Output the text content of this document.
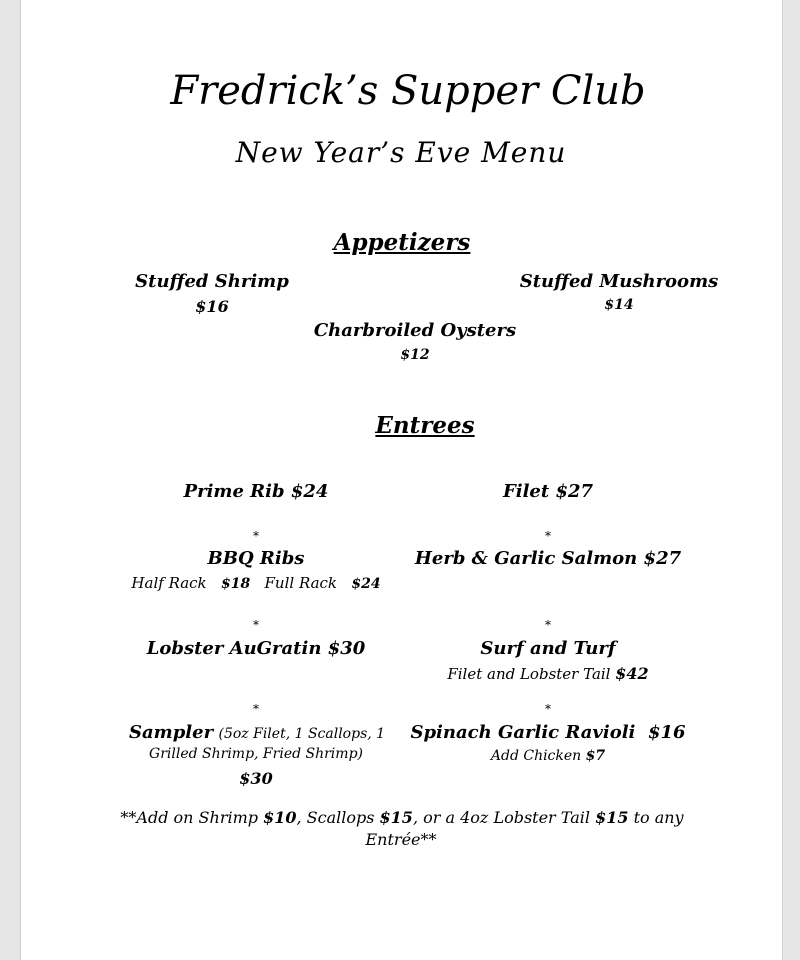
Fredrick’s Supper Club
New Year’s Eve Menu
Appetizers
Stuffed Shrimp
$16
Stuffed Mushrooms
$14
Charbroiled Oysters
$12
Entrees
Prime Rib $24	Filet $27
*	*
BBQ Ribs
Half Rack $18 Full Rack $24
Herb & Garlic Salmon $27
*	*
Lobster AuGratin $30	Surf and Turf
Filet and Lobster Tail $42
*	*
Sampler (5oz Filet, 1 Scallops, 1
Grilled Shrimp, Fried Shrimp)
$30
Spinach Garlic Ravioli $16
Add Chicken $7
**Add on Shrimp $10, Scallops $15, or a 4oz Lobster Tail $15 to any
Entrée**
